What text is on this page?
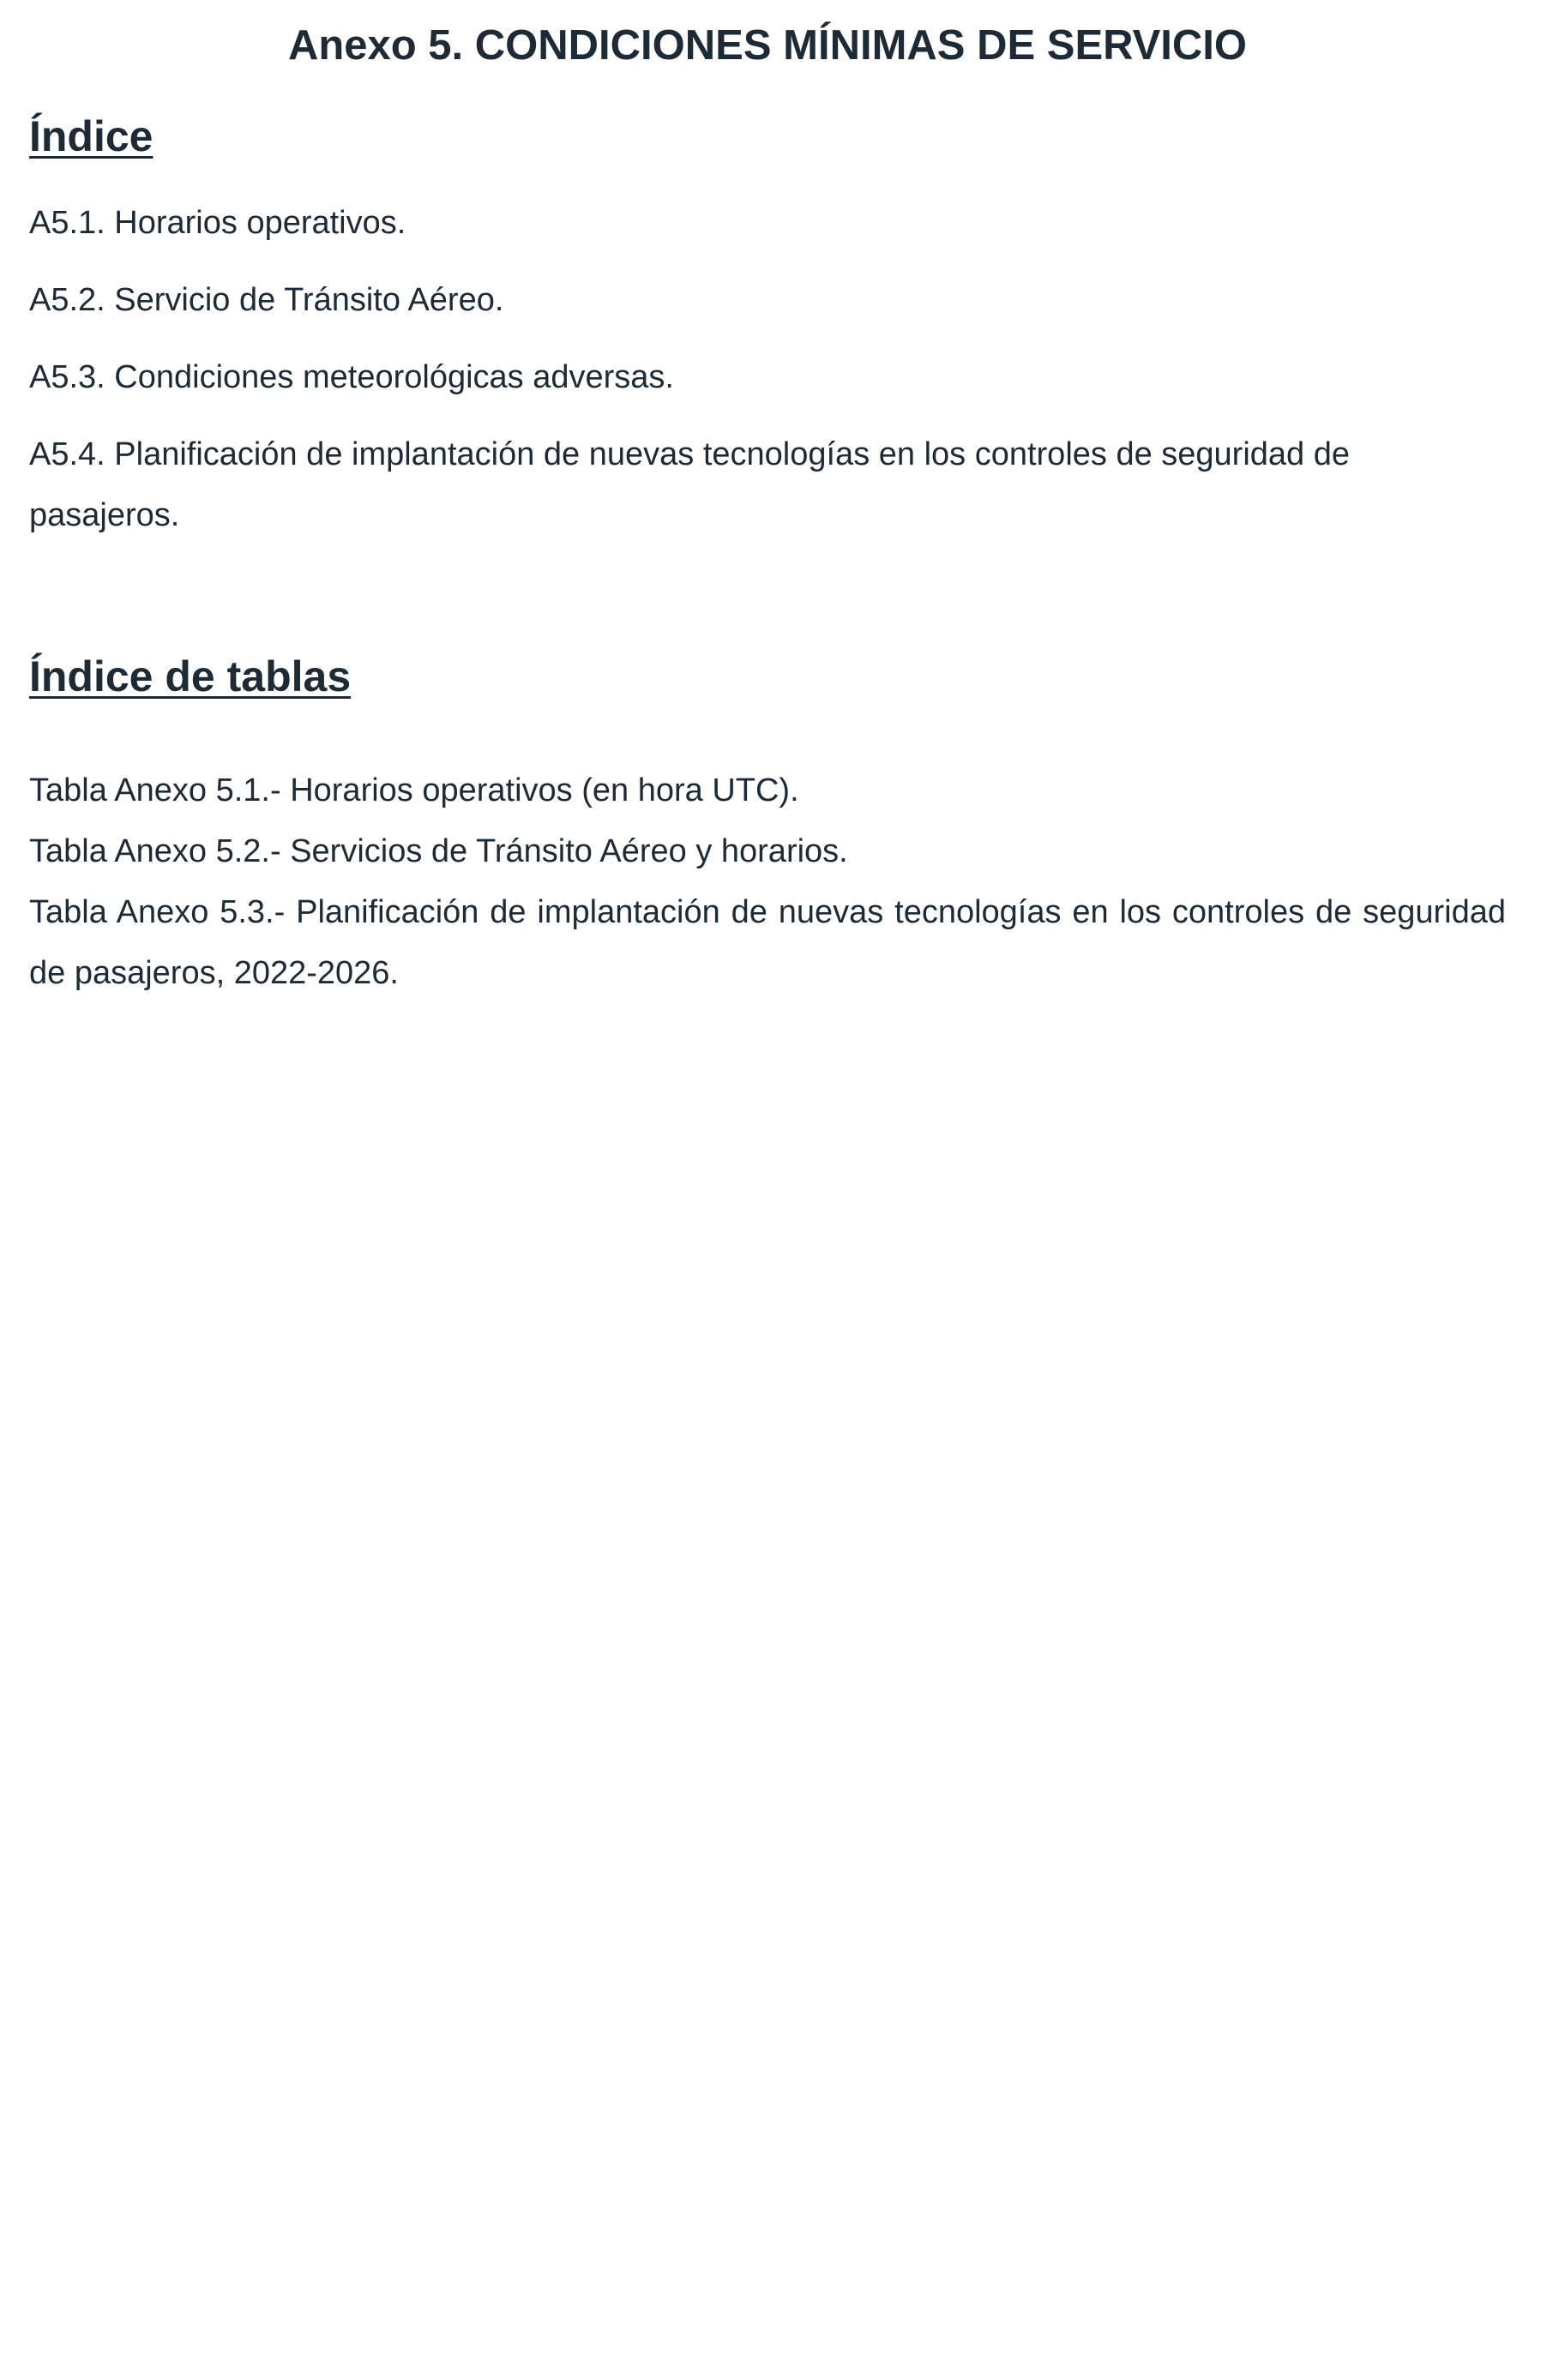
Anexo 5. CONDICIONES MÍNIMAS DE SERVICIO
Índice
A5.1. Horarios operativos.
A5.2. Servicio de Tránsito Aéreo.
A5.3. Condiciones meteorológicas adversas.
A5.4. Planificación de implantación de nuevas tecnologías en los controles de seguridad de pasajeros.
Índice de tablas
Tabla Anexo 5.1.- Horarios operativos (en hora UTC).
Tabla Anexo 5.2.- Servicios de Tránsito Aéreo y horarios.
Tabla Anexo 5.3.- Planificación de implantación de nuevas tecnologías en los controles de seguridad de pasajeros, 2022-2026.
